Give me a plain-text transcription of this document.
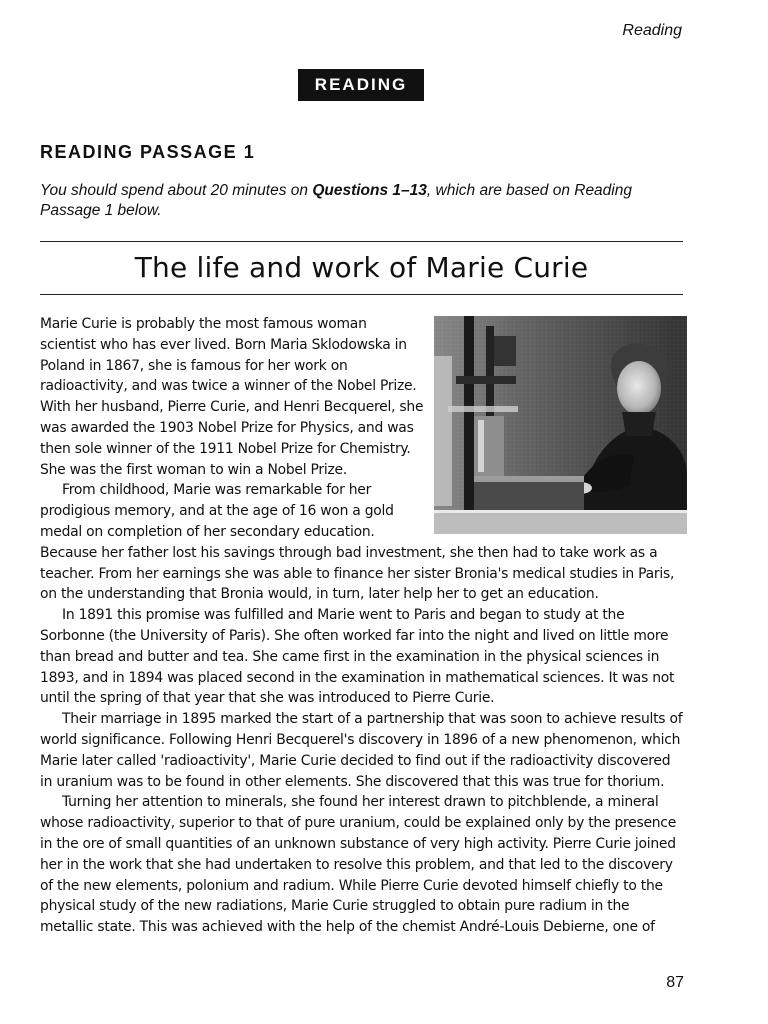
Reading
READING
READING PASSAGE 1
You should spend about 20 minutes on Questions 1–13, which are based on Reading Passage 1 below.
The life and work of Marie Curie

Marie Curie is probably the most famous woman scientist who has ever lived. Born Maria Sklodowska in Poland in 1867, she is famous for her work on radioactivity, and was twice a winner of the Nobel Prize. With her husband, Pierre Curie, and Henri Becquerel, she was awarded the 1903 Nobel Prize for Physics, and was then sole winner of the 1911 Nobel Prize for Chemistry. She was the first woman to win a Nobel Prize.

From childhood, Marie was remarkable for her prodigious memory, and at the age of 16 won a gold medal on completion of her secondary education. Because her father lost his savings through bad investment, she then had to take work as a teacher. From her earnings she was able to finance her sister Bronia's medical studies in Paris, on the understanding that Bronia would, in turn, later help her to get an education.

In 1891 this promise was fulfilled and Marie went to Paris and began to study at the Sorbonne (the University of Paris). She often worked far into the night and lived on little more than bread and butter and tea. She came first in the examination in the physical sciences in 1893, and in 1894 was placed second in the examination in mathematical sciences. It was not until the spring of that year that she was introduced to Pierre Curie.

Their marriage in 1895 marked the start of a partnership that was soon to achieve results of world significance. Following Henri Becquerel's discovery in 1896 of a new phenomenon, which Marie later called 'radioactivity', Marie Curie decided to find out if the radioactivity discovered in uranium was to be found in other elements. She discovered that this was true for thorium.

Turning her attention to minerals, she found her interest drawn to pitchblende, a mineral whose radioactivity, superior to that of pure uranium, could be explained only by the presence in the ore of small quantities of an unknown substance of very high activity. Pierre Curie joined her in the work that she had undertaken to resolve this problem, and that led to the discovery of the new elements, polonium and radium. While Pierre Curie devoted himself chiefly to the physical study of the new radiations, Marie Curie struggled to obtain pure radium in the metallic state. This was achieved with the help of the chemist André-Louis Debierne, one of

87
